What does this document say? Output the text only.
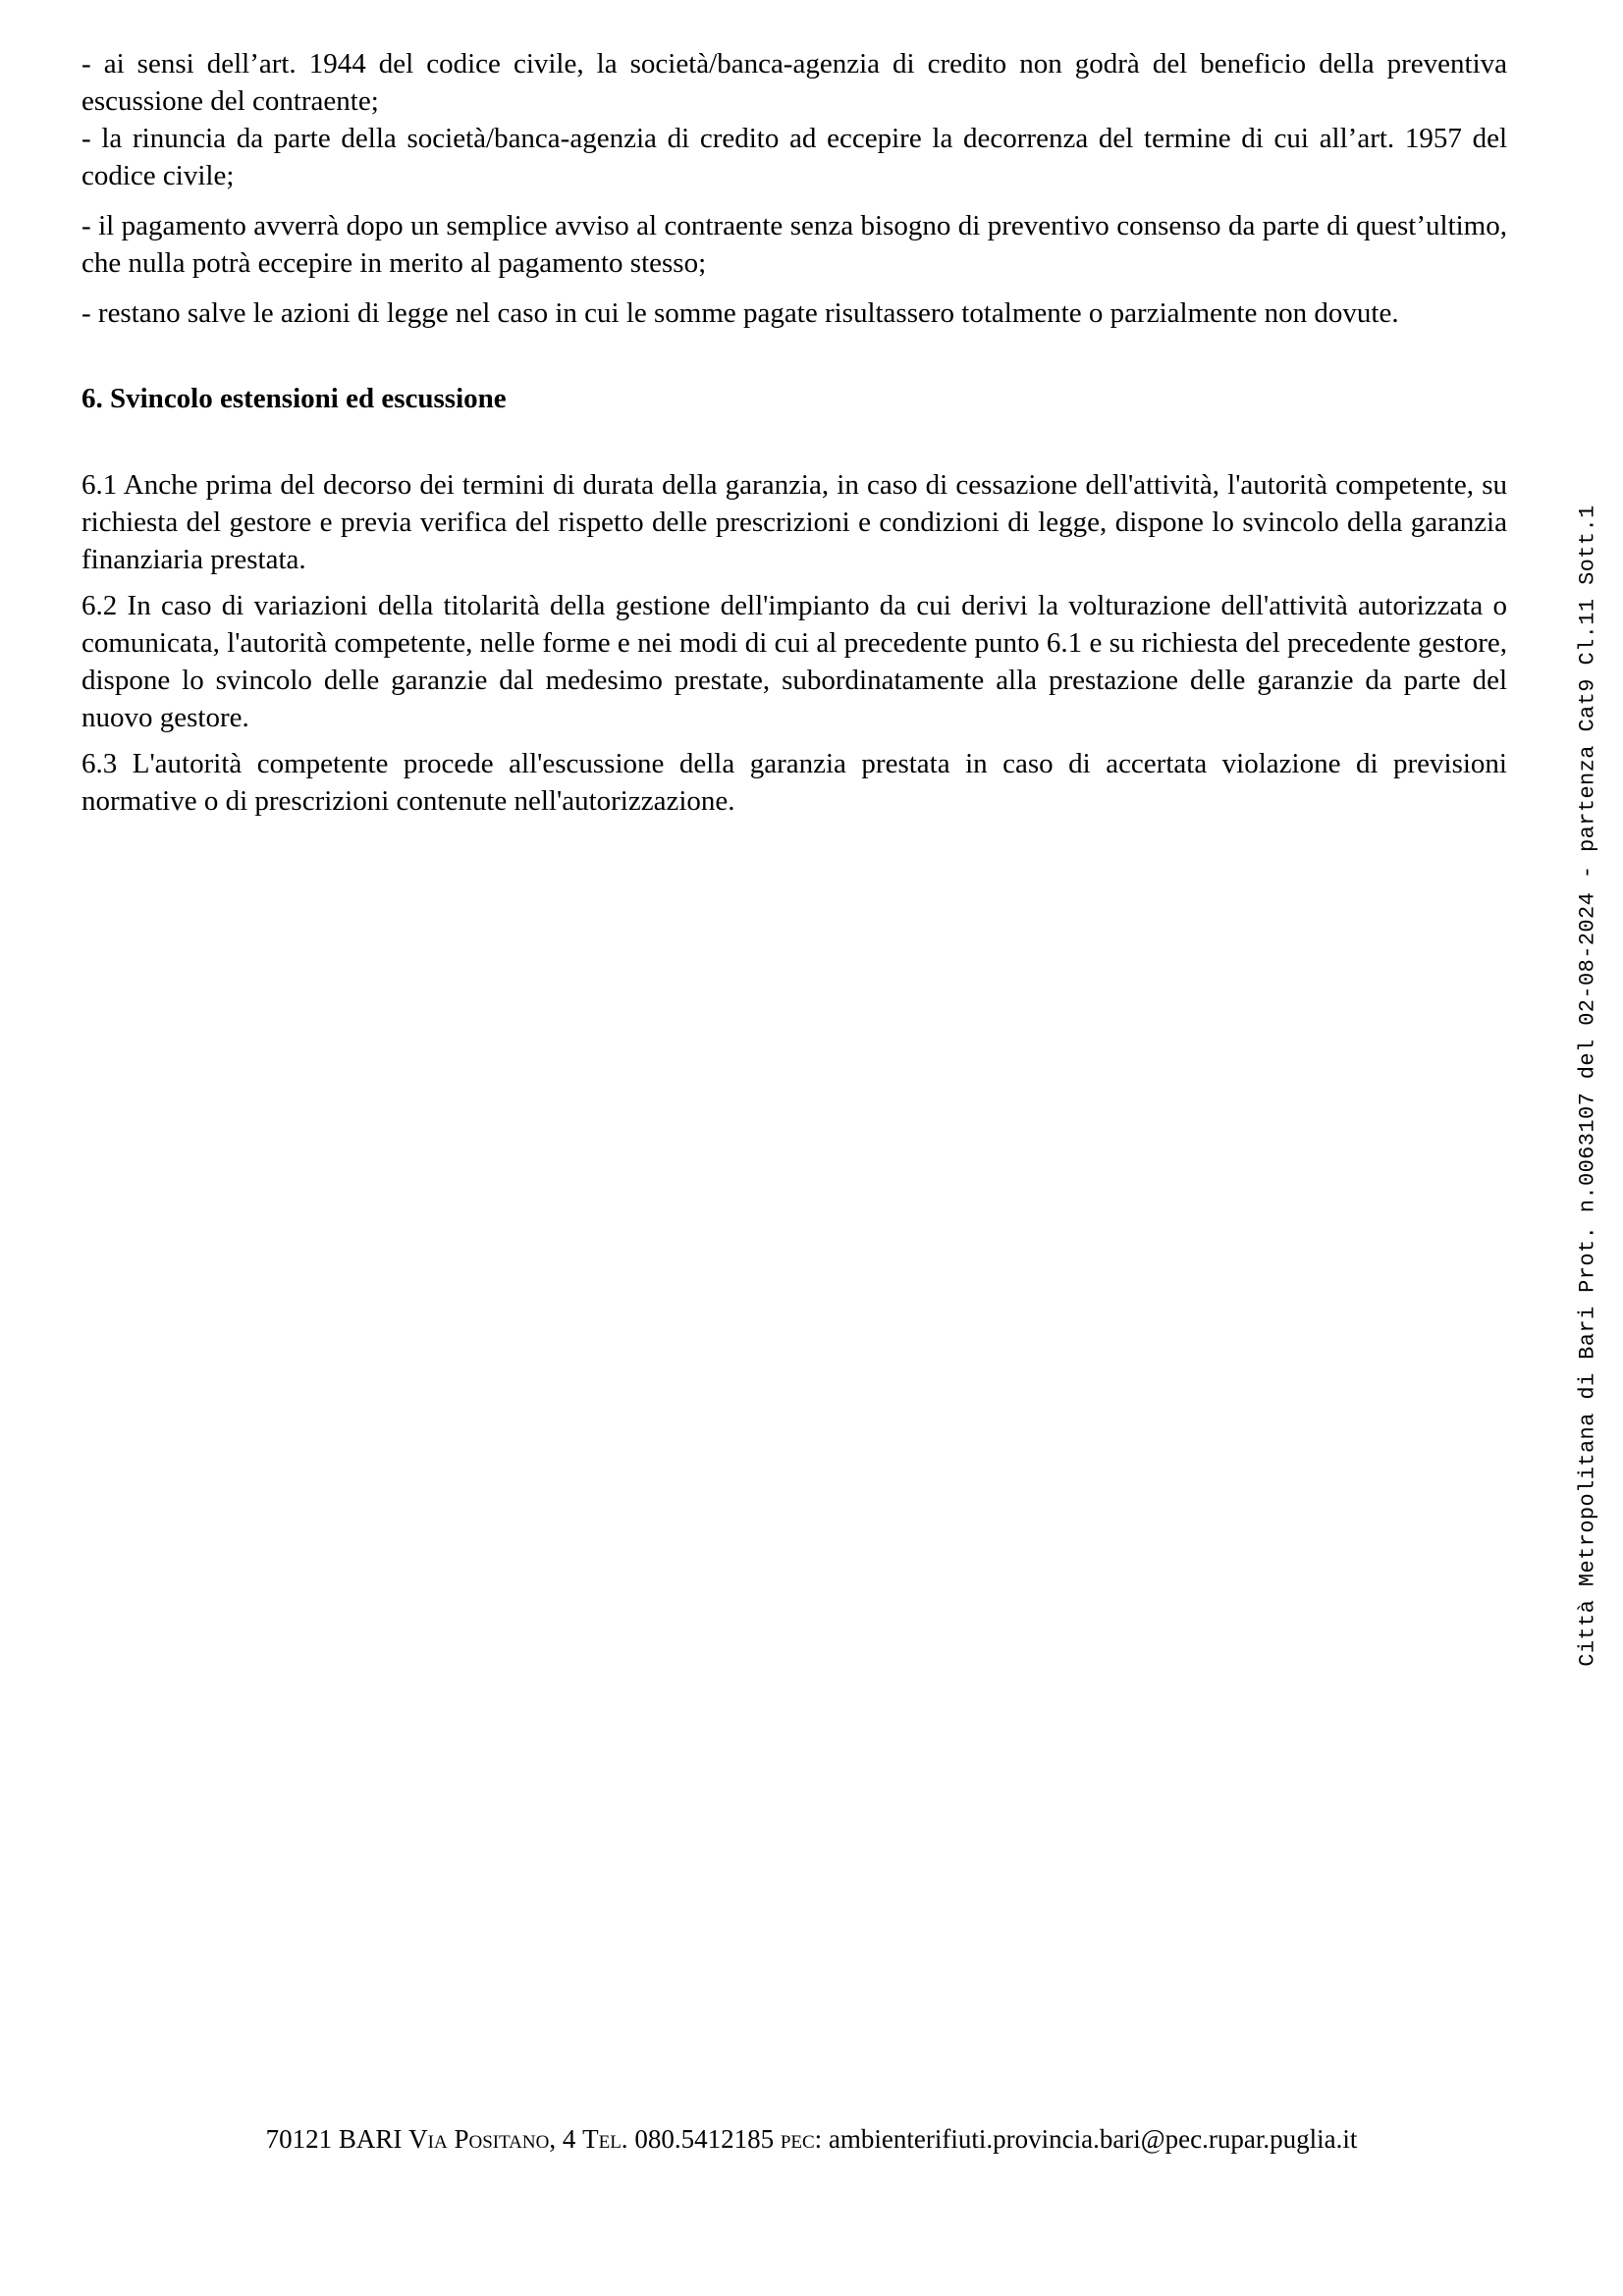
- ai sensi dell’art. 1944 del codice civile, la società/banca-agenzia di credito non godrà del beneficio della preventiva escussione del contraente;

- la rinuncia da parte della società/banca-agenzia di credito ad eccepire la decorrenza del termine di cui all’art. 1957 del codice civile;

- il pagamento avverrà dopo un semplice avviso al contraente senza bisogno di preventivo consenso da parte di quest’ultimo, che nulla potrà eccepire in merito al pagamento stesso;

- restano salve le azioni di legge nel caso in cui le somme pagate risultassero totalmente o parzialmente non dovute.

6. Svincolo estensioni ed escussione

6.1 Anche prima del decorso dei termini di durata della garanzia, in caso di cessazione dell'attività, l'autorità competente, su richiesta del gestore e previa verifica del rispetto delle prescrizioni e condizioni di legge, dispone lo svincolo della garanzia finanziaria prestata.

6.2 In caso di variazioni della titolarità della gestione dell'impianto da cui derivi la volturazione dell'attività autorizzata o comunicata, l'autorità competente, nelle forme e nei modi di cui al precedente punto 6.1 e su richiesta del precedente gestore, dispone lo svincolo delle garanzie dal medesimo prestate, subordinatamente alla prestazione delle garanzie da parte del nuovo gestore.

6.3 L'autorità competente procede all'escussione della garanzia prestata in caso di accertata violazione di previsioni normative o di prescrizioni contenute nell'autorizzazione.	Città Metropolitana di Bari Prot. n.0063107 del 02-08-2024 - partenza Cat9 Cl.11 Sott.1
70121 BARI Via Positano, 4 Tel. 080.5412185 pec: ambienterifiuti.provincia.bari@pec.rupar.puglia.it
